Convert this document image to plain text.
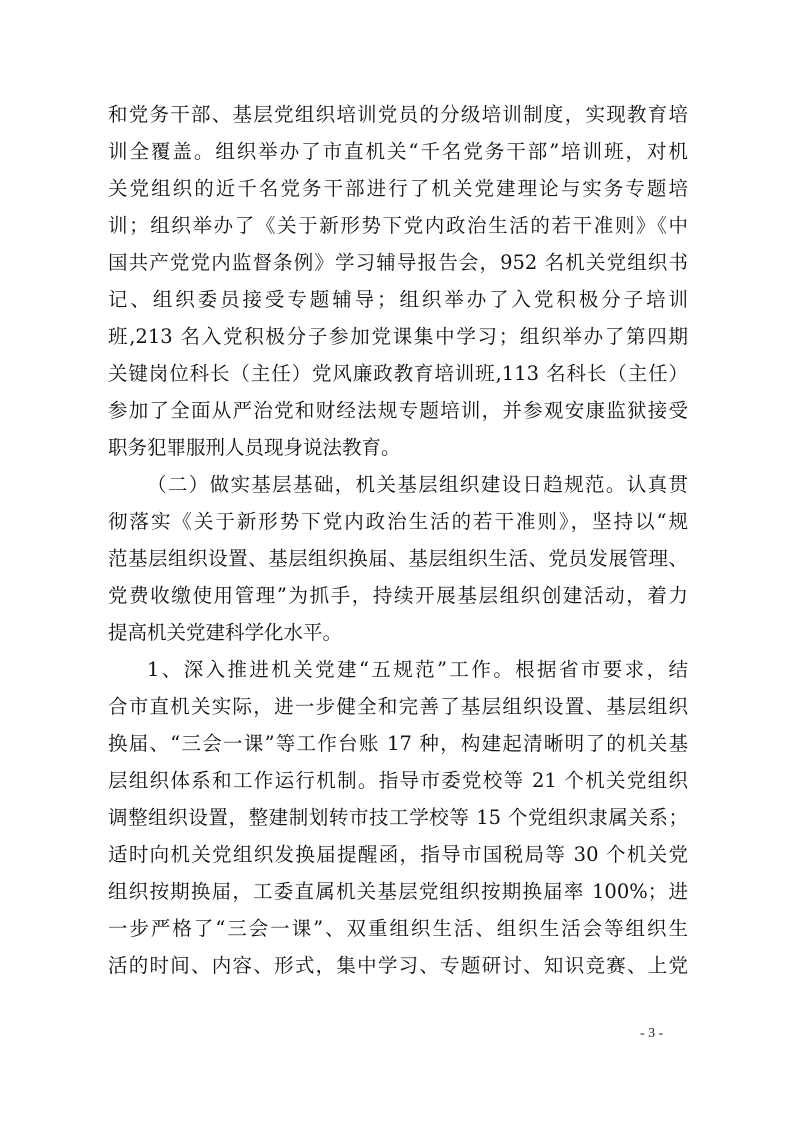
和党务干部、基层党组织培训党员的分级培训制度，实现教育培
训全覆盖。组织举办了市直机关“千名党务干部”培训班，对机
关党组织的近千名党务干部进行了机关党建理论与实务专题培
训；组织举办了《关于新形势下党内政治生活的若干准则》《中
国共产党党内监督条例》学习辅导报告会，952 名机关党组织书
记、组织委员接受专题辅导；组织举办了入党积极分子培训
班,213 名入党积极分子参加党课集中学习；组织举办了第四期
关键岗位科长（主任）党风廉政教育培训班,113 名科长（主任）
参加了全面从严治党和财经法规专题培训，并参观安康监狱接受
职务犯罪服刑人员现身说法教育。
（二）做实基层基础，机关基层组织建设日趋规范。认真贯
彻落实《关于新形势下党内政治生活的若干准则》，坚持以“规
范基层组织设置、基层组织换届、基层组织生活、党员发展管理、
党费收缴使用管理”为抓手，持续开展基层组织创建活动，着力
提高机关党建科学化水平。
1、深入推进机关党建“五规范”工作。根据省市要求，结
合市直机关实际，进一步健全和完善了基层组织设置、基层组织
换届、“三会一课”等工作台账 17 种，构建起清晰明了的机关基
层组织体系和工作运行机制。指导市委党校等 21 个机关党组织
调整组织设置，整建制划转市技工学校等 15 个党组织隶属关系；
适时向机关党组织发换届提醒函，指导市国税局等 30 个机关党
组织按期换届，工委直属机关基层党组织按期换届率 100%；进
一步严格了“三会一课”、双重组织生活、组织生活会等组织生
活的时间、内容、形式，集中学习、专题研讨、知识竞赛、上党
- 3 -
